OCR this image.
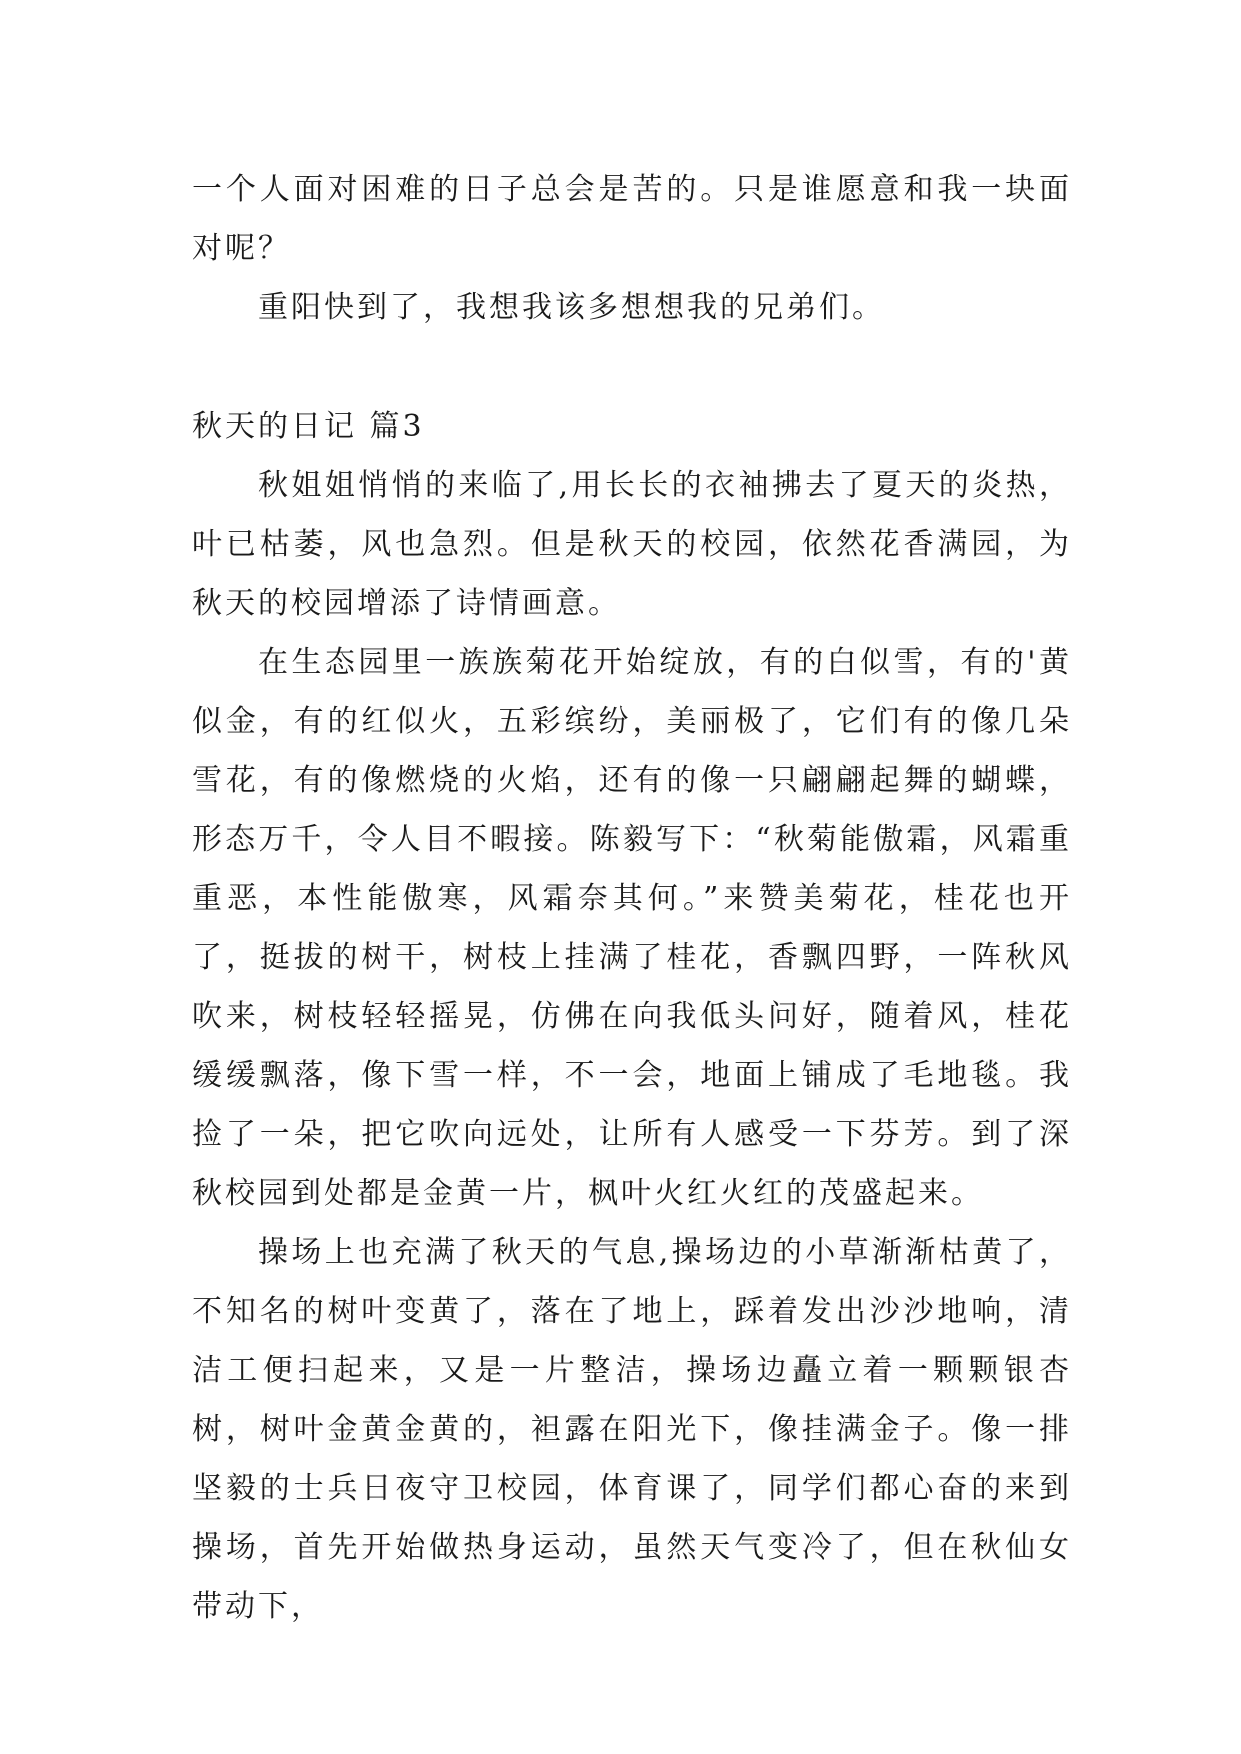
一个人面对困难的日子总会是苦的。只是谁愿意和我一块面对呢？

重阳快到了，我想我该多想想我的兄弟们。

秋天的日记 篇3

秋姐姐悄悄的来临了,用长长的衣袖拂去了夏天的炎热，叶已枯萎，风也急烈。但是秋天的校园，依然花香满园，为秋天的校园增添了诗情画意。

在生态园里一族族菊花开始绽放，有的白似雪，有的'黄似金，有的红似火，五彩缤纷，美丽极了，它们有的像几朵雪花，有的像燃烧的火焰，还有的像一只翩翩起舞的蝴蝶，形态万千，令人目不暇接。陈毅写下：“秋菊能傲霜，风霜重重恶，本性能傲寒，风霜奈其何。”来赞美菊花，桂花也开了，挺拔的树干，树枝上挂满了桂花，香飘四野，一阵秋风吹来，树枝轻轻摇晃，仿佛在向我低头问好，随着风，桂花缓缓飘落，像下雪一样，不一会，地面上铺成了毛地毯。我捡了一朵，把它吹向远处，让所有人感受一下芬芳。到了深秋校园到处都是金黄一片，枫叶火红火红的茂盛起来。

操场上也充满了秋天的气息,操场边的小草渐渐枯黄了，不知名的树叶变黄了，落在了地上，踩着发出沙沙地响，清洁工便扫起来，又是一片整洁，操场边矗立着一颗颗银杏树，树叶金黄金黄的，袒露在阳光下，像挂满金子。像一排坚毅的士兵日夜守卫校园，体育课了，同学们都心奋的来到操场，首先开始做热身运动，虽然天气变冷了，但在秋仙女带动下，
